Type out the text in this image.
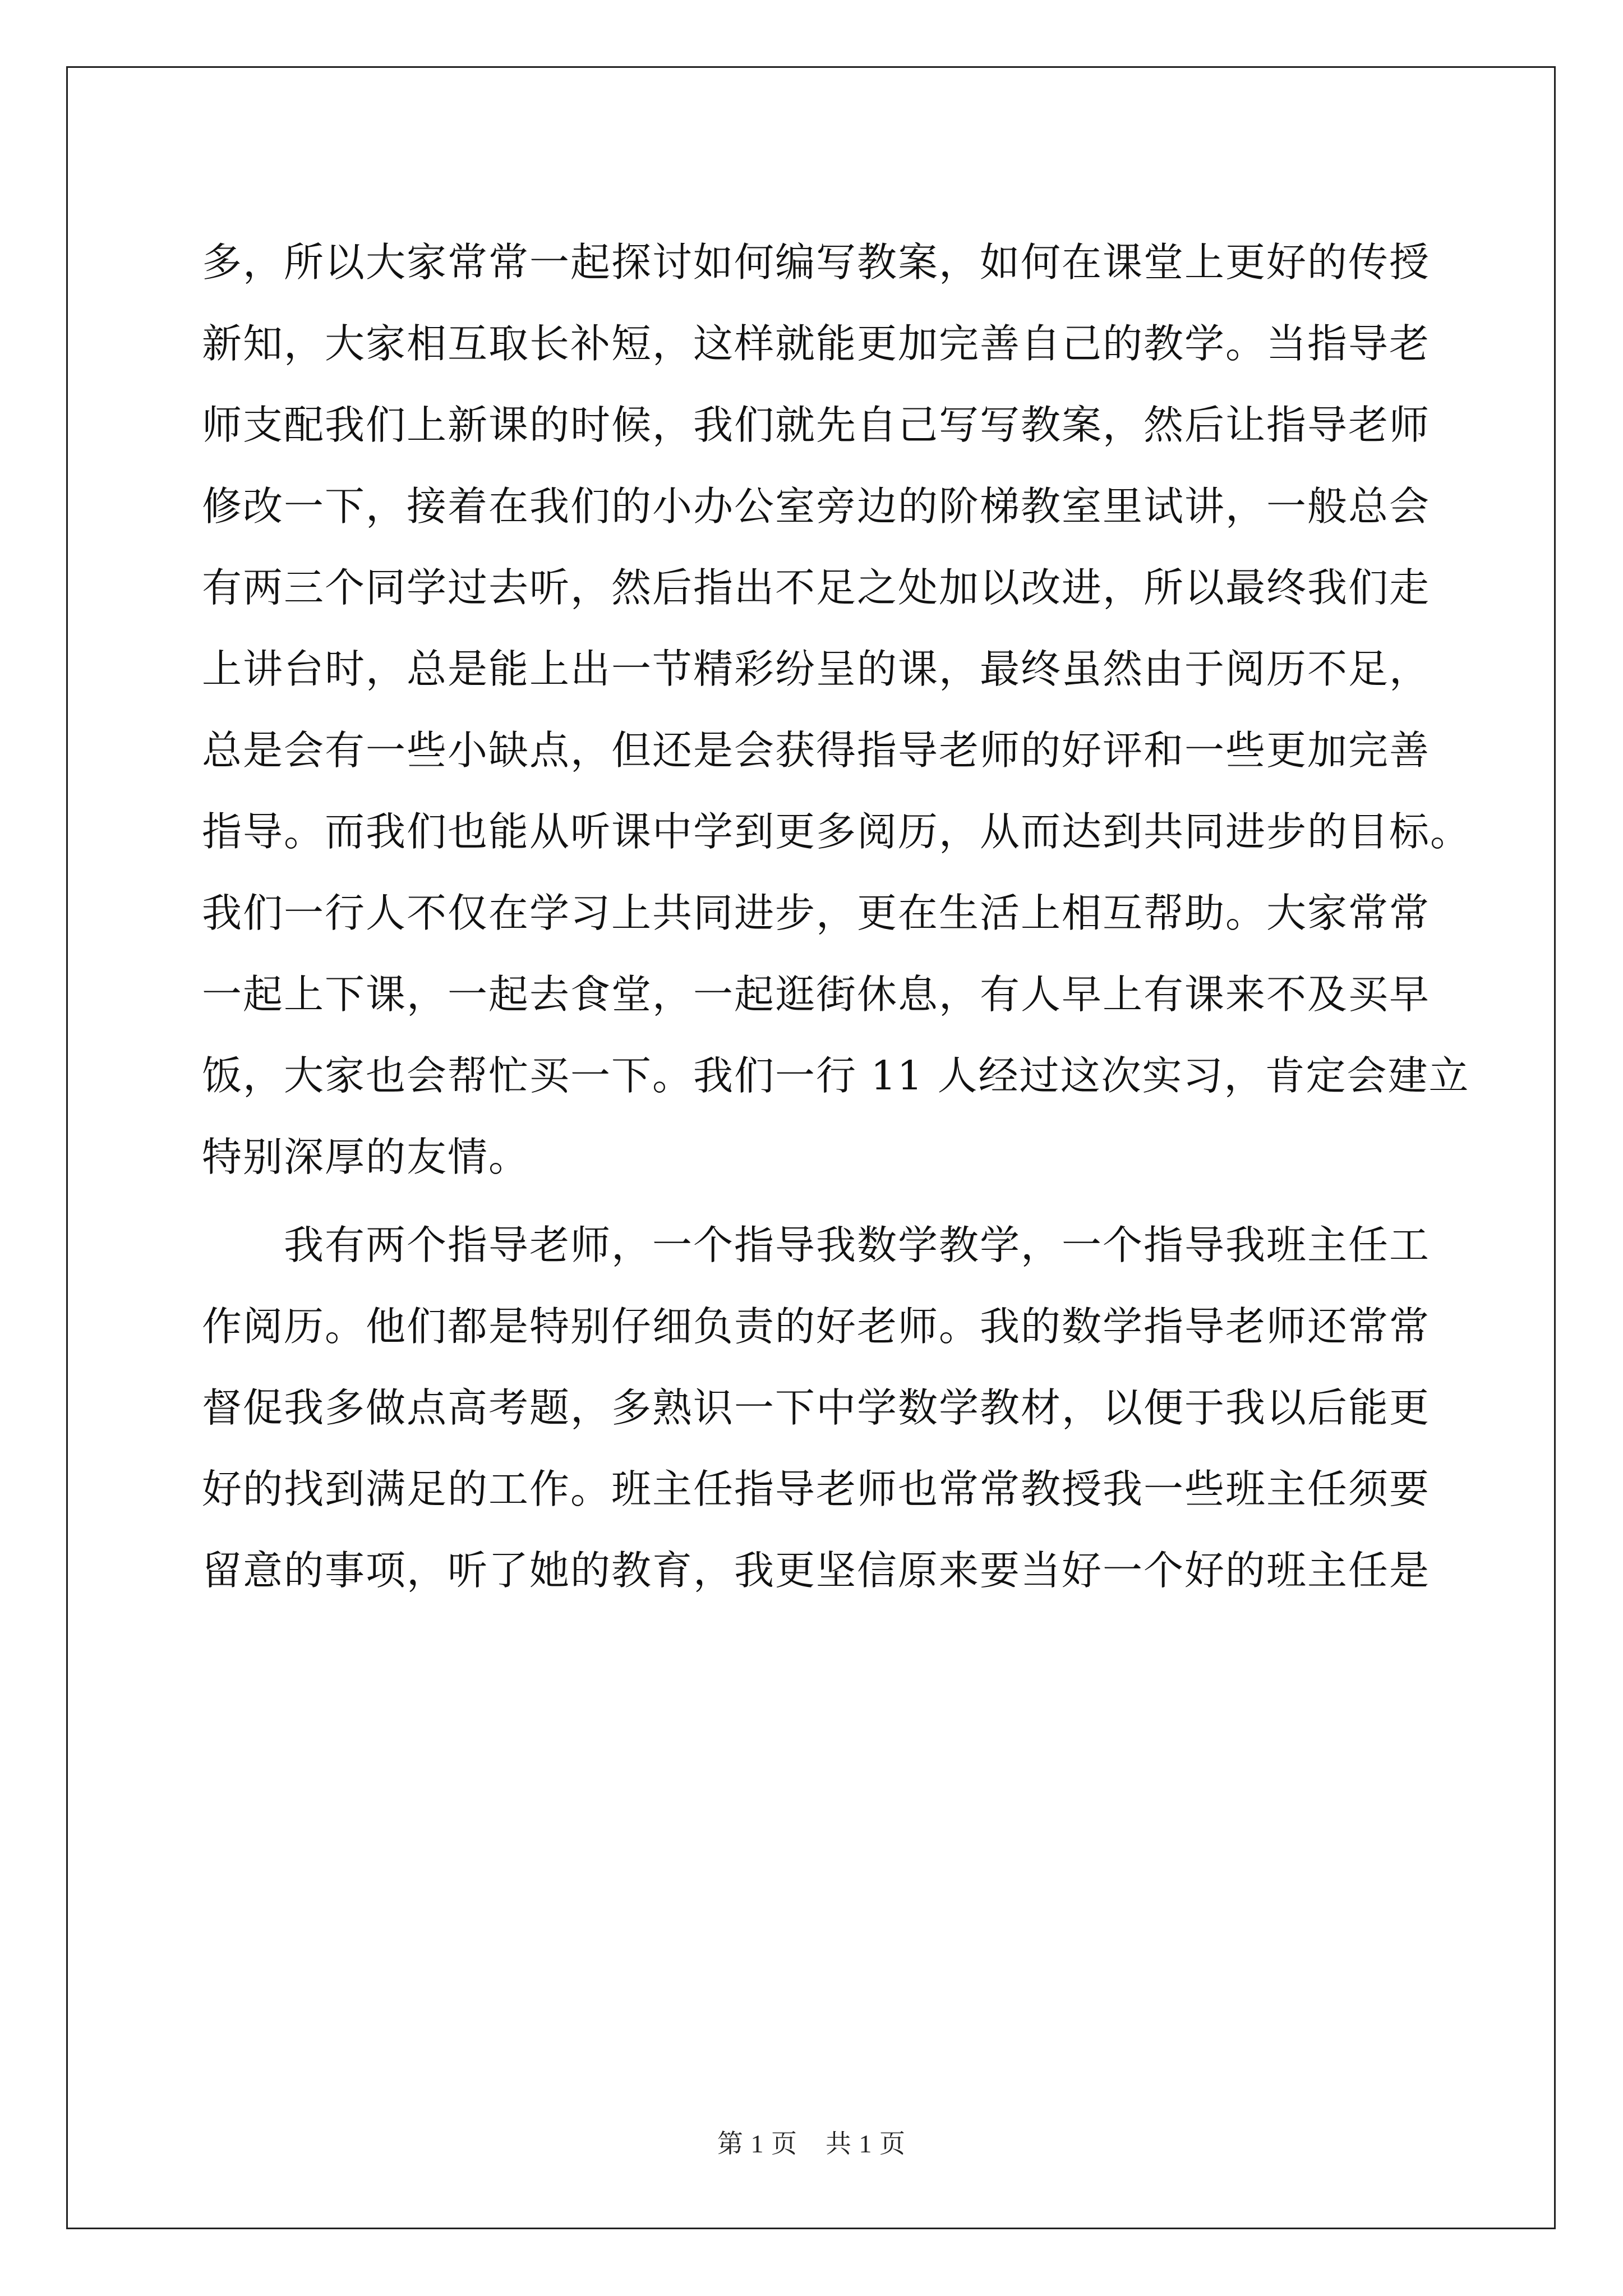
多，所以大家常常一起探讨如何编写教案，如何在课堂上更好的传授
新知，大家相互取长补短，这样就能更加完善自己的教学。当指导老
师支配我们上新课的时候，我们就先自己写写教案，然后让指导老师
修改一下，接着在我们的小办公室旁边的阶梯教室里试讲，一般总会
有两三个同学过去听，然后指出不足之处加以改进，所以最终我们走
上讲台时，总是能上出一节精彩纷呈的课，最终虽然由于阅历不足，
总是会有一些小缺点，但还是会获得指导老师的好评和一些更加完善
指导。而我们也能从听课中学到更多阅历，从而达到共同进步的目标。
我们一行人不仅在学习上共同进步，更在生活上相互帮助。大家常常
一起上下课，一起去食堂，一起逛街休息，有人早上有课来不及买早
饭，大家也会帮忙买一下。我们一行 11 人经过这次实习，肯定会建立
特别深厚的友情。
　　我有两个指导老师，一个指导我数学教学，一个指导我班主任工
作阅历。他们都是特别仔细负责的好老师。我的数学指导老师还常常
督促我多做点高考题，多熟识一下中学数学教材，以便于我以后能更
好的找到满足的工作。班主任指导老师也常常教授我一些班主任须要
留意的事项，听了她的教育，我更坚信原来要当好一个好的班主任是
第 1 页 共 1 页
